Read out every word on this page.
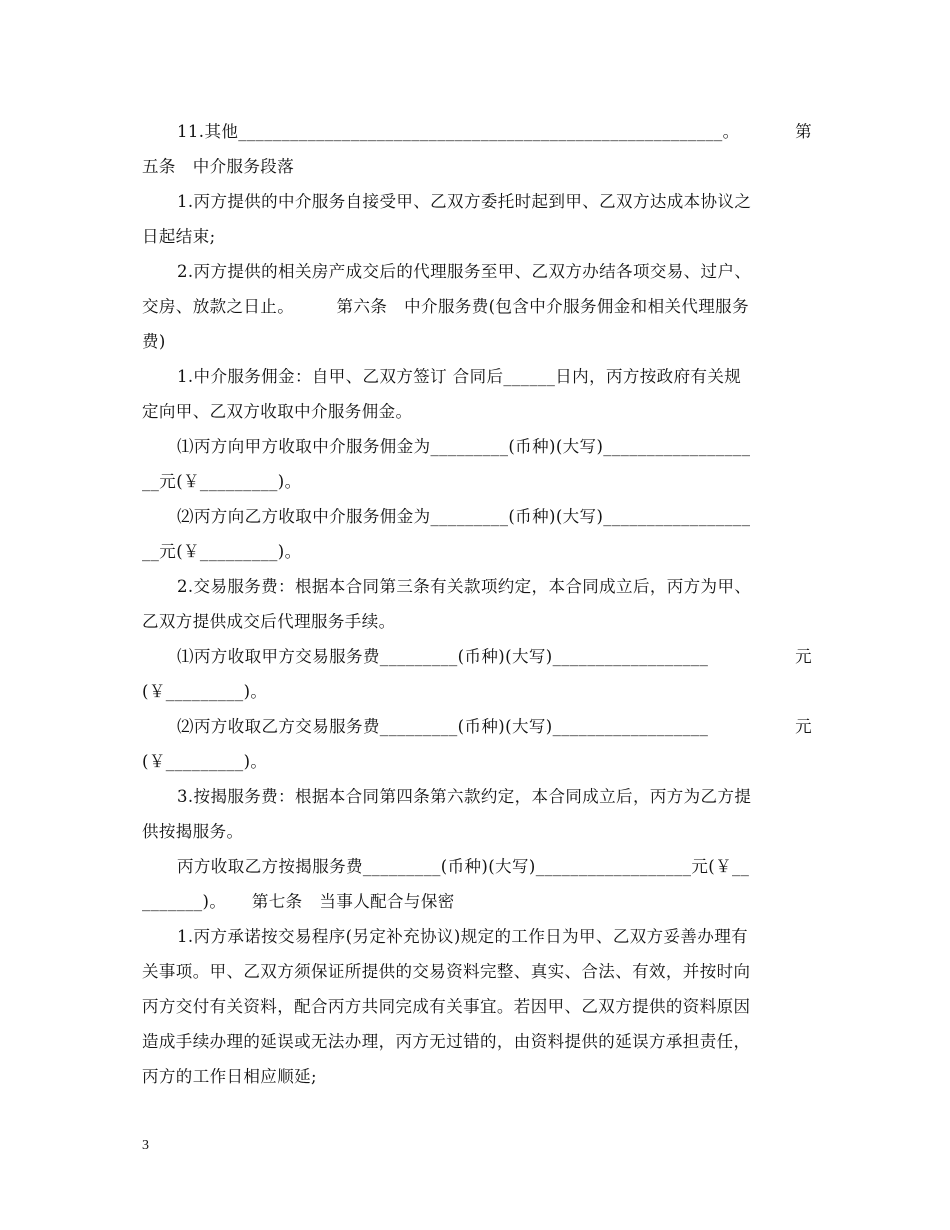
11.其他________________________________________________________。	第
五条　中介服务段落
1.丙方提供的中介服务自接受甲、乙双方委托时起到甲、乙双方达成本协议之
日起结束;
2.丙方提供的相关房产成交后的代理服务至甲、乙双方办结各项交易、过户、
交房、放款之日止。　　　第六条　中介服务费(包含中介服务佣金和相关代理服务
费)
1.中介服务佣金：自甲、乙双方签订 合同后______日内，丙方按政府有关规
定向甲、乙双方收取中介服务佣金。
⑴丙方向甲方收取中介服务佣金为_________(币种)(大写)_________________
__元(￥_________)。
⑵丙方向乙方收取中介服务佣金为_________(币种)(大写)_________________
__元(￥_________)。
2.交易服务费：根据本合同第三条有关款项约定，本合同成立后，丙方为甲、
乙双方提供成交后代理服务手续。
⑴丙方收取甲方交易服务费_________(币种)(大写)__________________	元
(￥_________)。
⑵丙方收取乙方交易服务费_________(币种)(大写)__________________	元
(￥_________)。
3.按揭服务费：根据本合同第四条第六款约定，本合同成立后，丙方为乙方提
供按揭服务。
丙方收取乙方按揭服务费_________(币种)(大写)__________________元(￥__
_______)。　　第七条　当事人配合与保密
1.丙方承诺按交易程序(另定补充协议)规定的工作日为甲、乙双方妥善办理有
关事项。甲、乙双方须保证所提供的交易资料完整、真实、合法、有效，并按时向
丙方交付有关资料，配合丙方共同完成有关事宜。若因甲、乙双方提供的资料原因
造成手续办理的延误或无法办理，丙方无过错的，由资料提供的延误方承担责任，
丙方的工作日相应顺延;
3
